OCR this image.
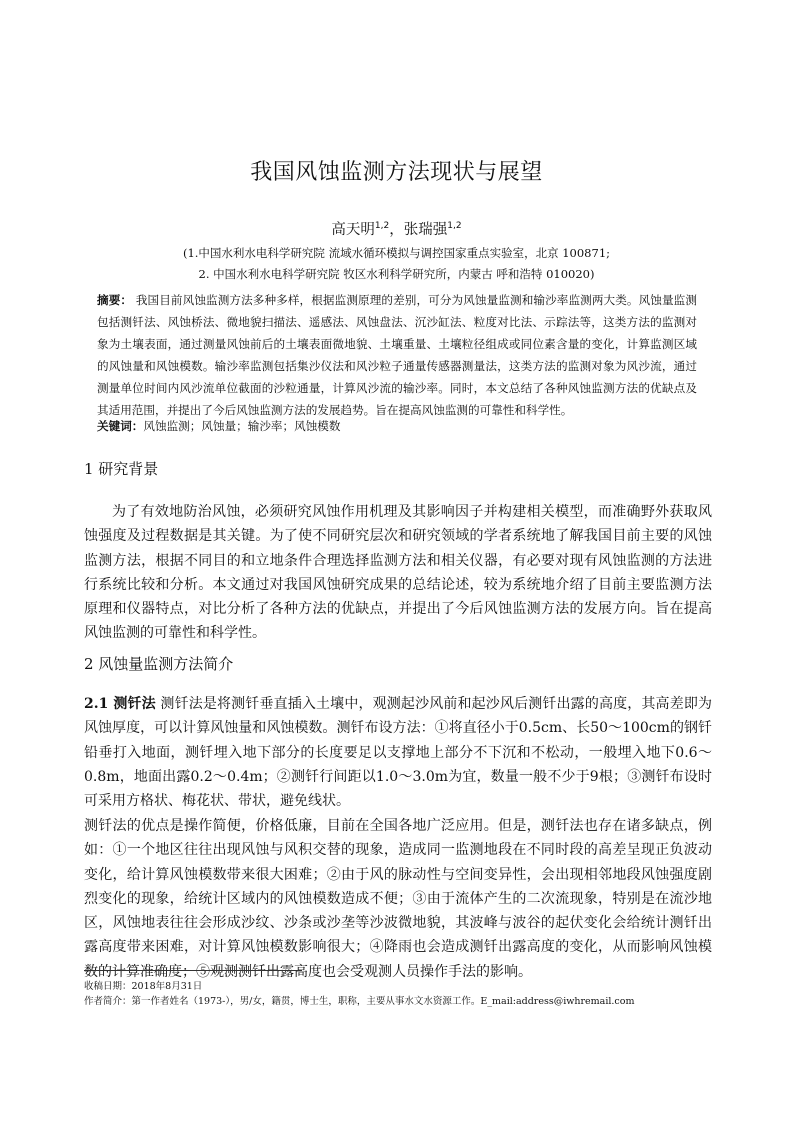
我国风蚀监测方法现状与展望
高天明$^{1,2}$，张瑞强$^{1,2}$
(1.中国水利水电科学研究院 流域水循环模拟与调控国家重点实验室，北京 100871;
2. 中国水利水电科学研究院 牧区水利科学研究所，内蒙古 呼和浩特 010020)
摘要： 我国目前风蚀监测方法多种多样，根据监测原理的差别，可分为风蚀量监测和输沙率监测两大类。风蚀量监测包括测钎法、风蚀桥法、微地貌扫描法、遥感法、风蚀盘法、沉沙缸法、粒度对比法、示踪法等，这类方法的监测对象为土壤表面，通过测量风蚀前后的土壤表面微地貌、土壤重量、土壤粒径组成或同位素含量的变化，计算监测区域的风蚀量和风蚀模数。输沙率监测包括集沙仪法和风沙粒子通量传感器测量法，这类方法的监测对象为风沙流，通过测量单位时间内风沙流单位截面的沙粒通量，计算风沙流的输沙率。同时，本文总结了各种风蚀监测方法的优缺点及其适用范围，并提出了今后风蚀监测方法的发展趋势。旨在提高风蚀监测的可靠性和科学性。
关键词：风蚀监测；风蚀量；输沙率；风蚀模数
1 研究背景
为了有效地防治风蚀，必须研究风蚀作用机理及其影响因子并构建相关模型，而准确野外获取风蚀强度及过程数据是其关键。为了使不同研究层次和研究领域的学者系统地了解我国目前主要的风蚀监测方法，根据不同目的和立地条件合理选择监测方法和相关仪器，有必要对现有风蚀监测的方法进行系统比较和分析。本文通过对我国风蚀研究成果的总结论述，较为系统地介绍了目前主要监测方法原理和仪器特点，对比分析了各种方法的优缺点，并提出了今后风蚀监测方法的发展方向。旨在提高风蚀监测的可靠性和科学性。
2 风蚀量监测方法简介
2.1 测钎法 测钎法是将测钎垂直插入土壤中，观测起沙风前和起沙风后测钎出露的高度，其高差即为风蚀厚度，可以计算风蚀量和风蚀模数。测钎布设方法：①将直径小于0.5cm、长50～100cm的钢钎铅垂打入地面，测钎埋入地下部分的长度要足以支撑地上部分不下沉和不松动，一般埋入地下0.6～0.8m，地面出露0.2～0.4m；②测钎行间距以1.0～3.0m为宜，数量一般不少于9根；③测钎布设时可采用方格状、梅花状、带状，避免线状。
测钎法的优点是操作简便，价格低廉，目前在全国各地广泛应用。但是，测钎法也存在诸多缺点，例如：①一个地区往往出现风蚀与风积交替的现象，造成同一监测地段在不同时段的高差呈现正负波动变化，给计算风蚀模数带来很大困难；②由于风的脉动性与空间变异性，会出现相邻地段风蚀强度剧烈变化的现象，给统计区域内的风蚀模数造成不便；③由于流体产生的二次流现象，特别是在流沙地区，风蚀地表往往会形成沙纹、沙条或沙垄等沙波微地貌，其波峰与波谷的起伏变化会给统计测钎出露高度带来困难，对计算风蚀模数影响很大；④降雨也会造成测钎出露高度的变化，从而影响风蚀模数的计算准确度；⑤观测测钎出露高度也会受观测人员操作手法的影响。
收稿日期：2018年8月31日
作者简介：第一作者姓名（1973-），男/女，籍贯，博士生，职称，主要从事水文水资源工作。E_mail:address@iwhremail.com
